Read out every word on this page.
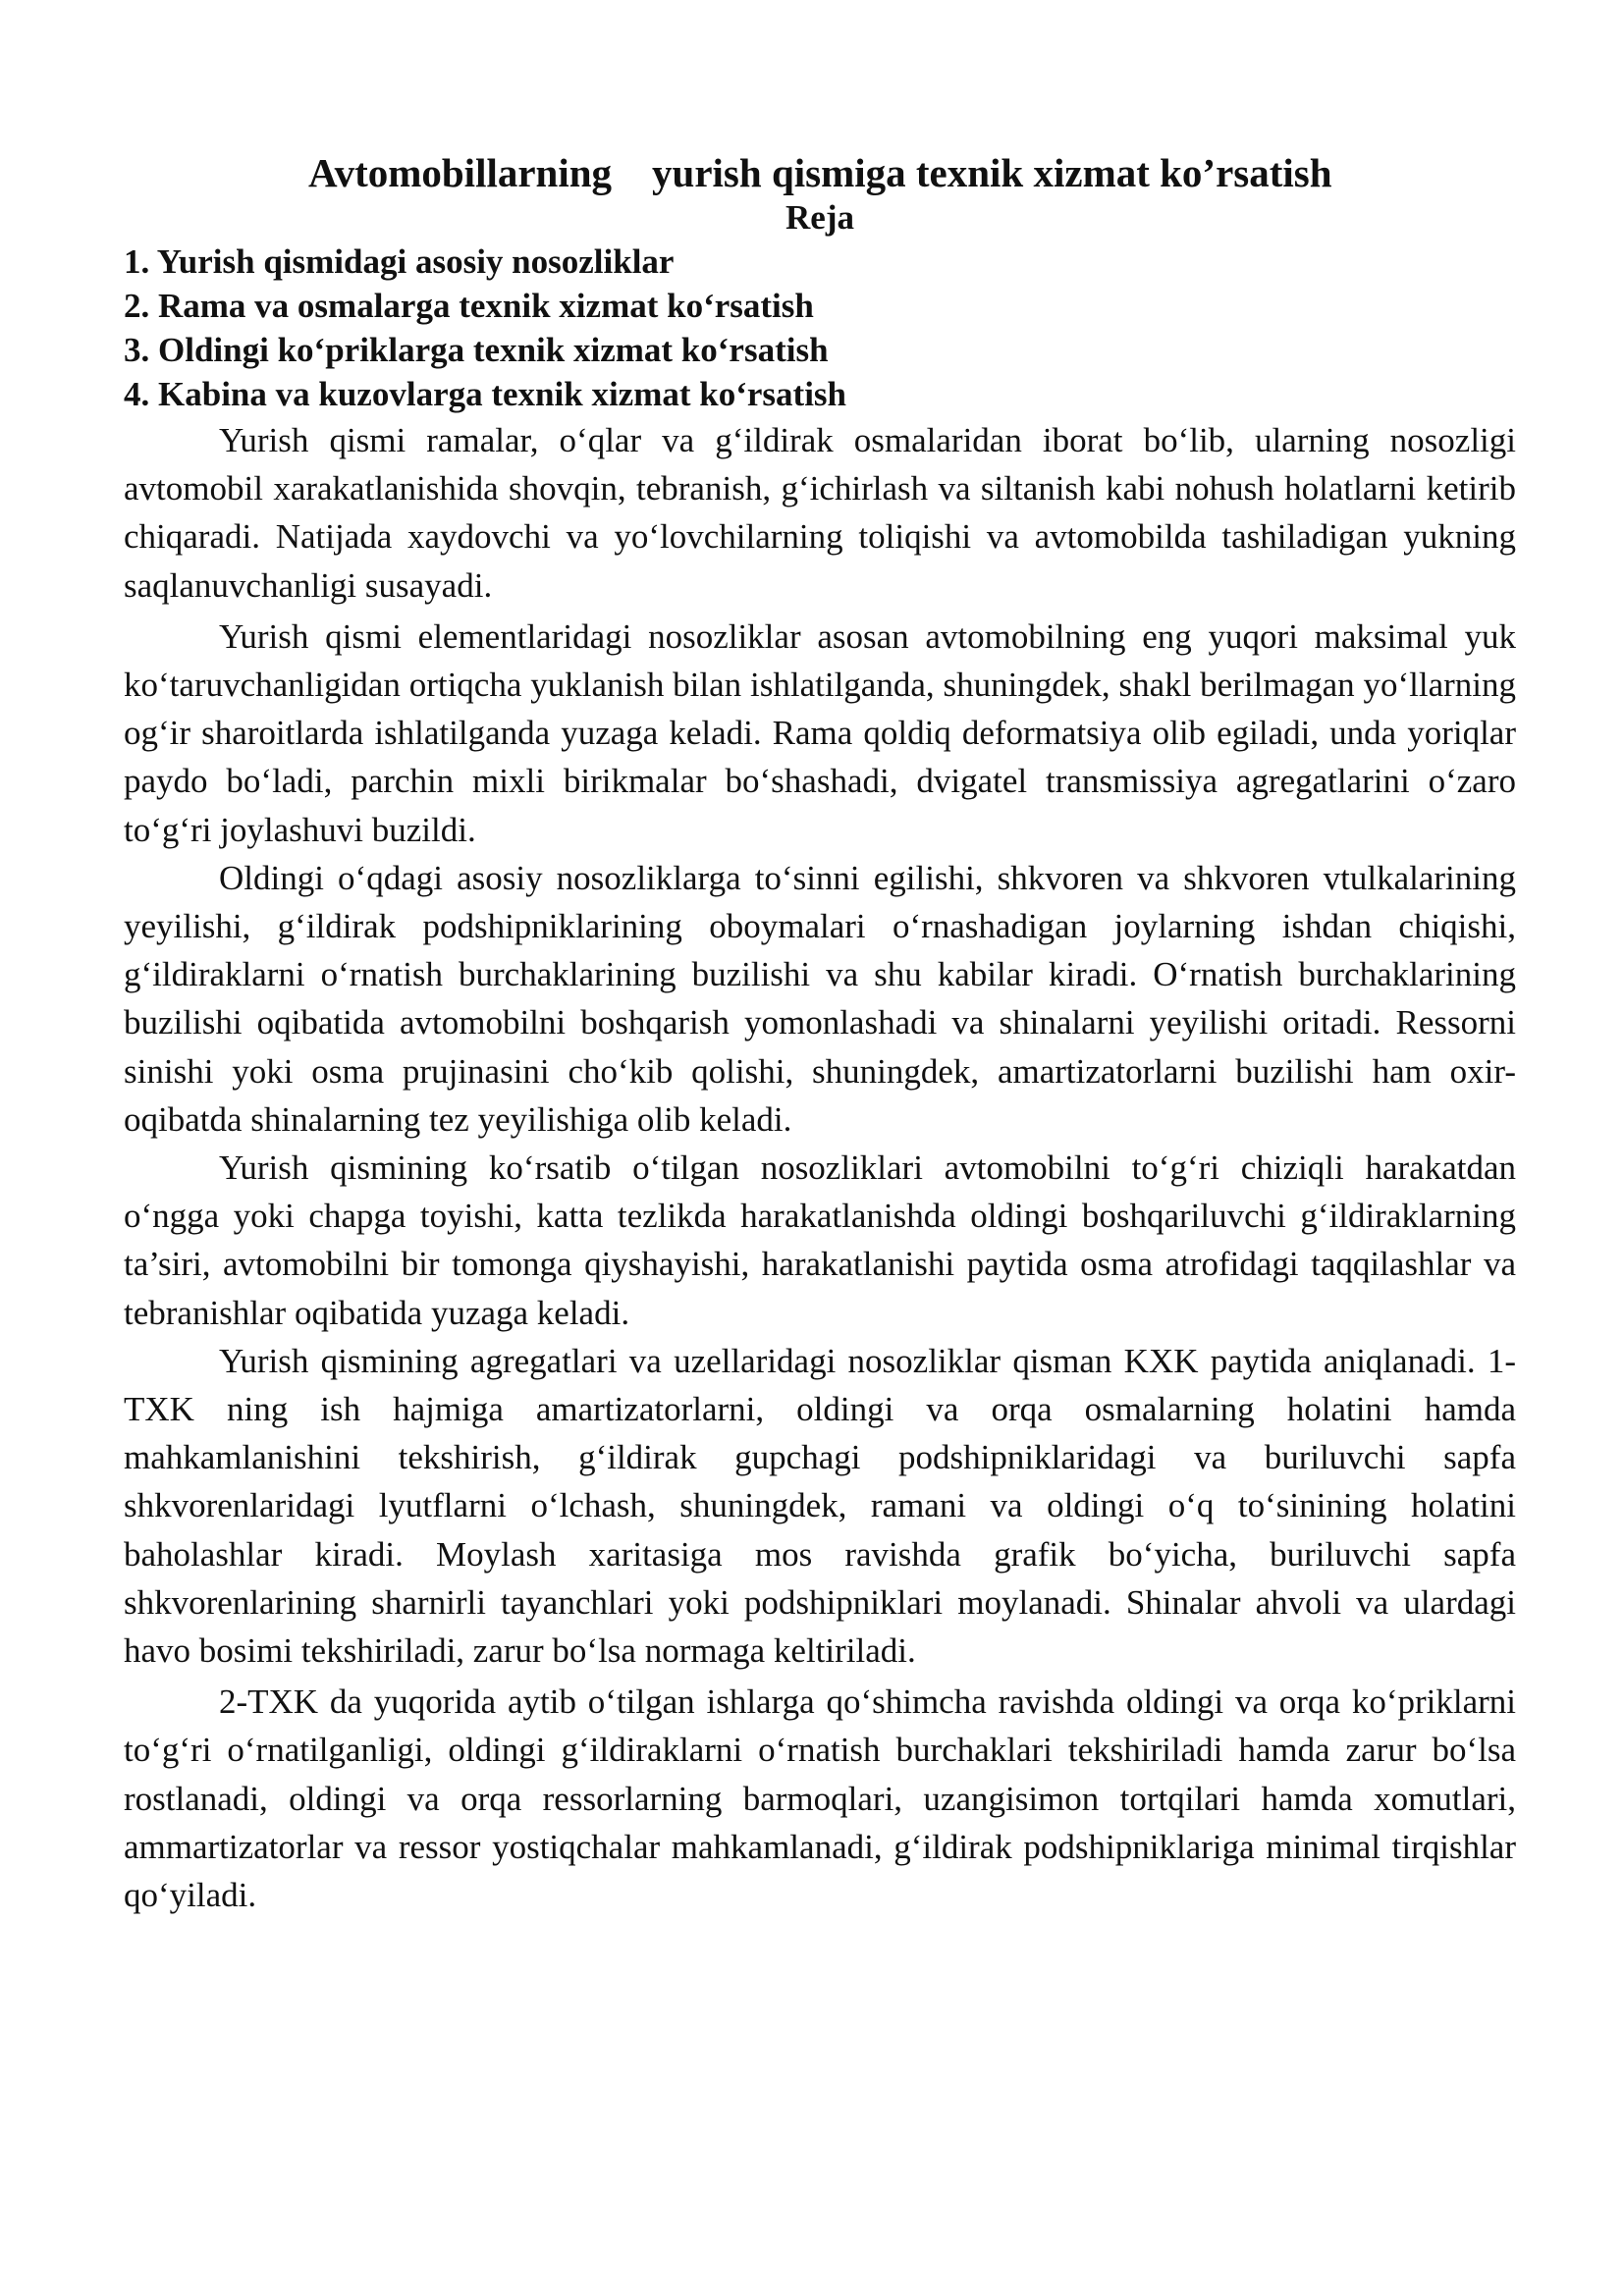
Avtomobillarning    yurish qismiga texnik xizmat ko’rsatish
Reja
1. Yurish qismidagi asosiy nosozliklar
2. Rama va osmalarga texnik xizmat ko‘rsatish
3. Oldingi ko‘priklarga texnik xizmat ko‘rsatish
4. Kabina va kuzovlarga texnik xizmat ko‘rsatish

Yurish qismi ramalar, o‘qlar va g‘ildirak osmalaridan iborat bo‘lib, ularning nosozligi avtomobil xarakatlanishida shovqin, tebranish, g‘ichirlash va siltanish kabi nohush holatlarni ketirib chiqaradi. Natijada xaydovchi va yo‘lovchilarning toliqishi va avtomobilda tashiladigan yukning saqlanuvchanligi susayadi.

Yurish qismi elementlaridagi nosozliklar asosan avtomobilning eng yuqori maksimal yuk ko‘taruvchanligidan ortiqcha yuklanish bilan ishlatilganda, shuningdek, shakl berilmagan yo‘llarning og‘ir sharoitlarda ishlatilganda yuzaga keladi. Rama qoldiq deformatsiya olib egiladi, unda yoriqlar paydo bo‘ladi, parchin mixli birikmalar bo‘shashadi, dvigatel transmissiya agregatlarini o‘zaro to‘g‘ri joylashuvi buzildi.

Oldingi o‘qdagi asosiy nosozliklarga to‘sinni egilishi, shkvoren va shkvoren vtulkalarining yeyilishi, g‘ildirak podshipniklarining oboymalari o‘rnashadigan joylarning ishdan chiqishi, g‘ildiraklarni o‘rnatish burchaklarining buzilishi va shu kabilar kiradi. O‘rnatish burchaklarining buzilishi oqibatida avtomobilni boshqarish yomonlashadi va shinalarni yeyilishi oritadi. Ressorni sinishi yoki osma prujinasini cho‘kib qolishi, shuningdek, amartizatorlarni buzilishi ham oxir-oqibatda shinalarning tez yeyilishiga olib keladi.

Yurish qismining ko‘rsatib o‘tilgan nosozliklari avtomobilni to‘g‘ri chiziqli harakatdan o‘ngga yoki chapga toyishi, katta tezlikda harakatlanishda oldingi boshqariluvchi g‘ildiraklarning ta’siri, avtomobilni bir tomonga qiyshayishi, harakatlanishi paytida osma atrofidagi taqqilashlar va tebranishlar oqibatida yuzaga keladi.

Yurish qismining agregatlari va uzellaridagi nosozliklar qisman KXK paytida aniqlanadi. 1-TXK ning ish hajmiga amartizatorlarni, oldingi va orqa osmalarning holatini hamda mahkamlanishini tekshirish, g‘ildirak gupchagi podshipniklaridagi va buriluvchi sapfa shkvorenlaridagi lyutflarni o‘lchash, shuningdek, ramani va oldingi o‘q to‘sinining holatini baholashlar kiradi. Moylash xaritasiga mos ravishda grafik bo‘yicha, buriluvchi sapfa shkvorenlarining sharnirli tayanchlari yoki podshipniklari moylanadi. Shinalar ahvoli va ulardagi havo bosimi tekshiriladi, zarur bo‘lsa normaga keltiriladi.

2-TXK da yuqorida aytib o‘tilgan ishlarga qo‘shimcha ravishda oldingi va orqa ko‘priklarni to‘g‘ri o‘rnatilganligi, oldingi g‘ildiraklarni o‘rnatish burchaklari tekshiriladi hamda zarur bo‘lsa rostlanadi, oldingi va orqa ressorlarning barmoqlari, uzangisimon tortqilari hamda xomutlari, ammartizatorlar va ressor yostiqchalar mahkamlanadi, g‘ildirak podshipniklariga minimal tirqishlar qo‘yiladi.
